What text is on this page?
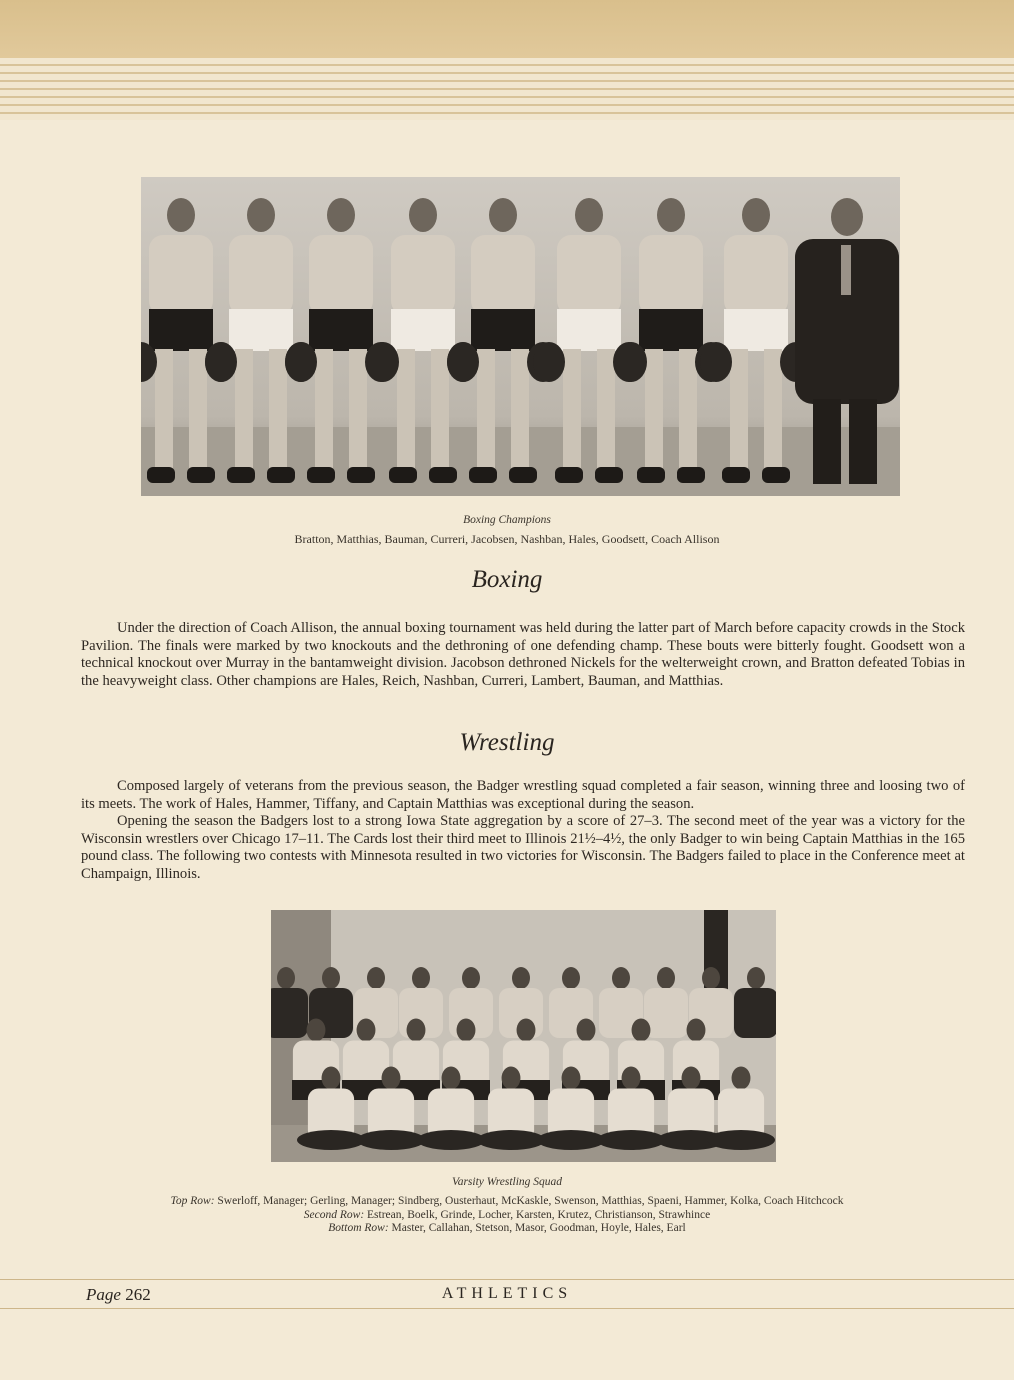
Boxing Champions
Bratton, Matthias, Bauman, Curreri, Jacobsen, Nashban, Hales, Goodsett, Coach Allison
Boxing

Under the direction of Coach Allison, the annual boxing tournament was held during the latter part of March before capacity crowds in the Stock Pavilion. The finals were marked by two knockouts and the dethroning of one defending champ. These bouts were bitterly fought. Goodsett won a technical knockout over Murray in the bantamweight division. Jacobson dethroned Nickels for the welterweight crown, and Bratton defeated Tobias in the heavyweight class. Other champions are Hales, Reich, Nashban, Curreri, Lambert, Bauman, and Matthias.

Wrestling

Composed largely of veterans from the previous season, the Badger wrestling squad completed a fair season, winning three and loosing two of its meets. The work of Hales, Hammer, Tiffany, and Captain Matthias was exceptional during the season.

Opening the season the Badgers lost to a strong Iowa State aggregation by a score of 27–3. The second meet of the year was a victory for the Wisconsin wrestlers over Chicago 17–11. The Cards lost their third meet to Illinois 21½–4½, the only Badger to win being Captain Matthias in the 165 pound class. The following two contests with Minnesota resulted in two victories for Wisconsin. The Badgers failed to place in the Conference meet at Champaign, Illinois.

Varsity Wrestling Squad
Top Row: Swerloff, Manager; Gerling, Manager; Sindberg, Ousterhaut, McKaskle, Swenson, Matthias, Spaeni, Hammer, Kolka, Coach Hitchcock
Second Row: Estrean, Boelk, Grinde, Locher, Karsten, Krutez, Christianson, Strawhince
Bottom Row: Master, Callahan, Stetson, Masor, Goodman, Hoyle, Hales, Earl
Page 262	ATHLETICS
